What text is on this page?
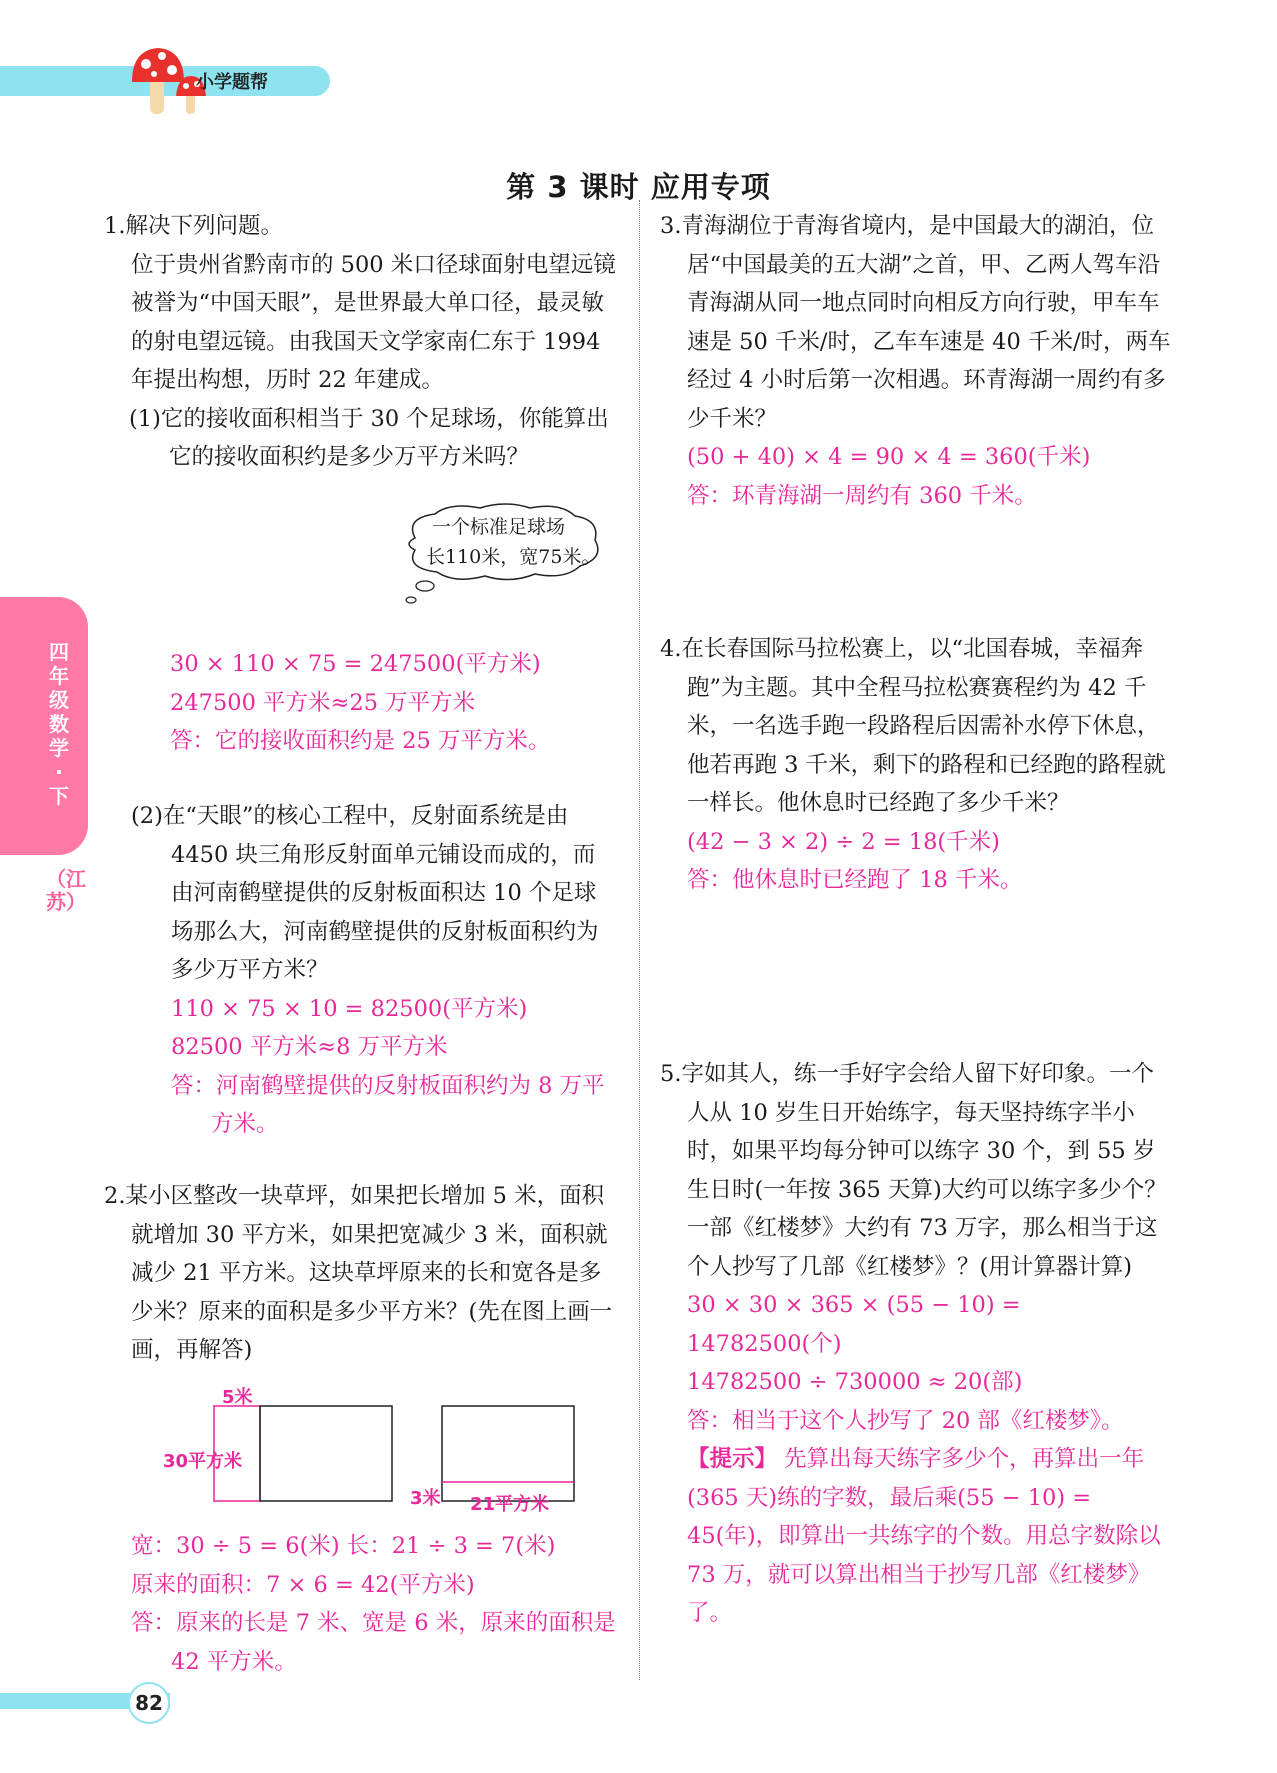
小学题帮
四年级数学·下
（江苏）
第 3 课时 应用专项

1.解决下列问题。

位于贵州省黔南市的 500 米口径球面射电望远镜被誉为“中国天眼”，是世界最大单口径，最灵敏的射电望远镜。由我国天文学家南仁东于 1994 年提出构想，历时 22 年建成。

(1)它的接收面积相当于 30 个足球场，你能算出它的接收面积约是多少万平方米吗？

一个标准足球场
长110米，宽75米。

30 × 110 × 75 = 247500(平方米)

247500 平方米≈25 万平方米

答：它的接收面积约是 25 万平方米。

(2)在“天眼”的核心工程中，反射面系统是由 4450 块三角形反射面单元铺设而成的，而由河南鹤壁提供的反射板面积达 10 个足球场那么大，河南鹤壁提供的反射板面积约为多少万平方米？

110 × 75 × 10 = 82500(平方米)

82500 平方米≈8 万平方米

答：河南鹤壁提供的反射板面积约为 8 万平方米。

2.某小区整改一块草坪，如果把长增加 5 米，面积就增加 30 平方米，如果把宽减少 3 米，面积就减少 21 平方米。这块草坪原来的长和宽各是多少米？原来的面积是多少平方米？(先在图上画一画，再解答)

5米
30平方米
3米 21平方米

宽：30 ÷ 5 = 6(米) 长：21 ÷ 3 = 7(米)

原来的面积：7 × 6 = 42(平方米)

答：原来的长是 7 米、宽是 6 米，原来的面积是 42 平方米。

3.青海湖位于青海省境内，是中国最大的湖泊，位居“中国最美的五大湖”之首，甲、乙两人驾车沿青海湖从同一地点同时向相反方向行驶，甲车车速是 50 千米/时，乙车车速是 40 千米/时，两车经过 4 小时后第一次相遇。环青海湖一周约有多少千米？

(50 + 40) × 4 = 90 × 4 = 360(千米)

答：环青海湖一周约有 360 千米。

4.在长春国际马拉松赛上，以“北国春城，幸福奔跑”为主题。其中全程马拉松赛赛程约为 42 千米，一名选手跑一段路程后因需补水停下休息，他若再跑 3 千米，剩下的路程和已经跑的路程就一样长。他休息时已经跑了多少千米？

(42 − 3 × 2) ÷ 2 = 18(千米)

答：他休息时已经跑了 18 千米。

5.字如其人，练一手好字会给人留下好印象。一个人从 10 岁生日开始练字，每天坚持练字半小时，如果平均每分钟可以练字 30 个，到 55 岁生日时(一年按 365 天算)大约可以练字多少个？一部《红楼梦》大约有 73 万字，那么相当于这个人抄写了几部《红楼梦》？(用计算器计算)

30 × 30 × 365 × (55 − 10) = 14782500(个)

14782500 ÷ 730000 ≈ 20(部)

答：相当于这个人抄写了 20 部《红楼梦》。

【提示】 先算出每天练字多少个，再算出一年(365 天)练的字数，最后乘(55 − 10) = 45(年)，即算出一共练字的个数。用总字数除以73 万，就可以算出相当于抄写几部《红楼梦》了。

82
